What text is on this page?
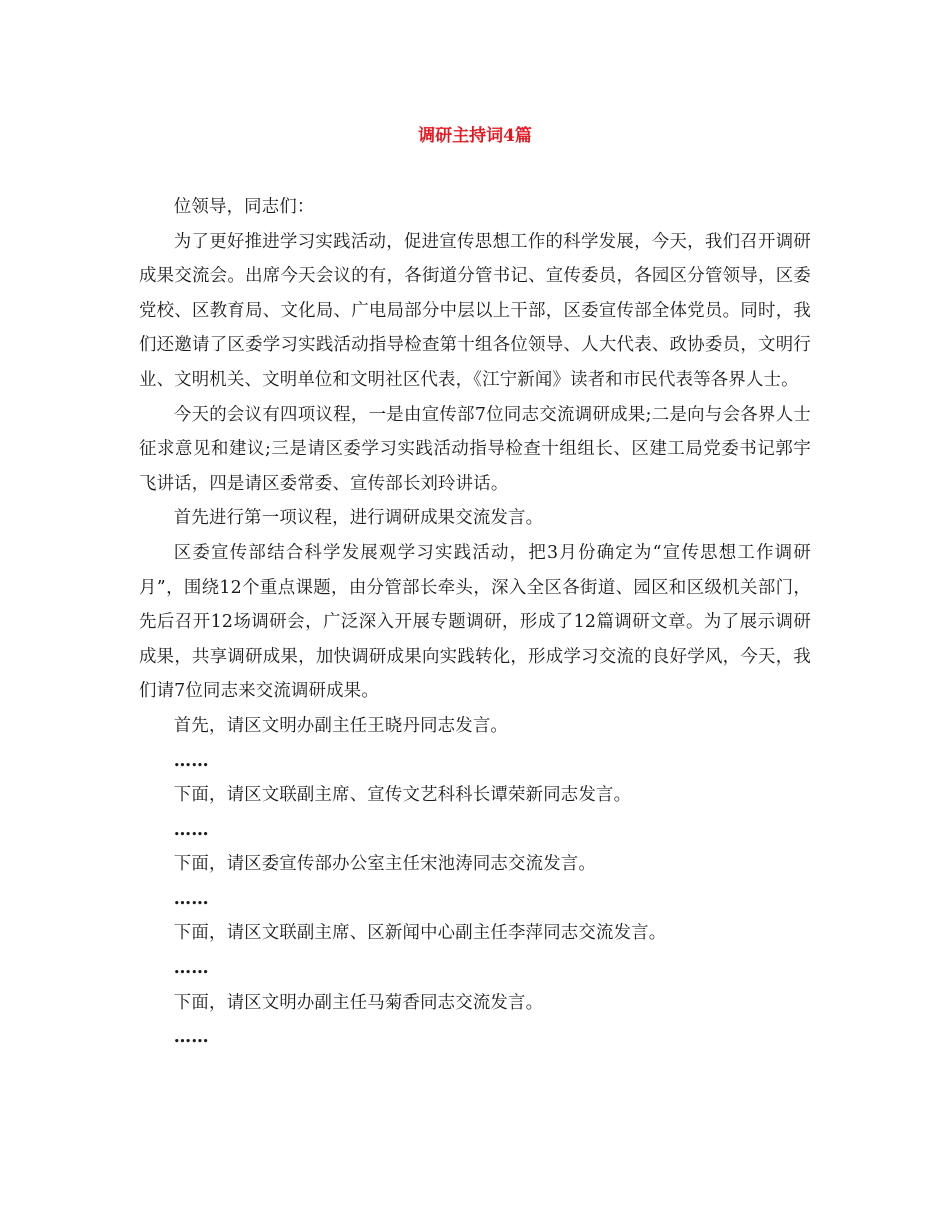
调研主持词4篇

位领导，同志们：

为了更好推进学习实践活动，促进宣传思想工作的科学发展，今天，我们召开调研成果交流会。出席今天会议的有，各街道分管书记、宣传委员，各园区分管领导，区委党校、区教育局、文化局、广电局部分中层以上干部，区委宣传部全体党员。同时，我们还邀请了区委学习实践活动指导检查第十组各位领导、人大代表、政协委员，文明行业、文明机关、文明单位和文明社区代表，《江宁新闻》读者和市民代表等各界人士。

今天的会议有四项议程，一是由宣传部7位同志交流调研成果;二是向与会各界人士征求意见和建议;三是请区委学习实践活动指导检查十组组长、区建工局党委书记郭宇飞讲话，四是请区委常委、宣传部长刘玲讲话。

首先进行第一项议程，进行调研成果交流发言。

区委宣传部结合科学发展观学习实践活动，把3月份确定为“宣传思想工作调研月”，围绕12个重点课题，由分管部长牵头，深入全区各街道、园区和区级机关部门，先后召开12场调研会，广泛深入开展专题调研，形成了12篇调研文章。为了展示调研成果，共享调研成果，加快调研成果向实践转化，形成学习交流的良好学风，今天，我们请7位同志来交流调研成果。

首先，请区文明办副主任王晓丹同志发言。

……

下面，请区文联副主席、宣传文艺科科长谭荣新同志发言。

……

下面，请区委宣传部办公室主任宋池涛同志交流发言。

……

下面，请区文联副主席、区新闻中心副主任李萍同志交流发言。

……

下面，请区文明办副主任马菊香同志交流发言。

……
